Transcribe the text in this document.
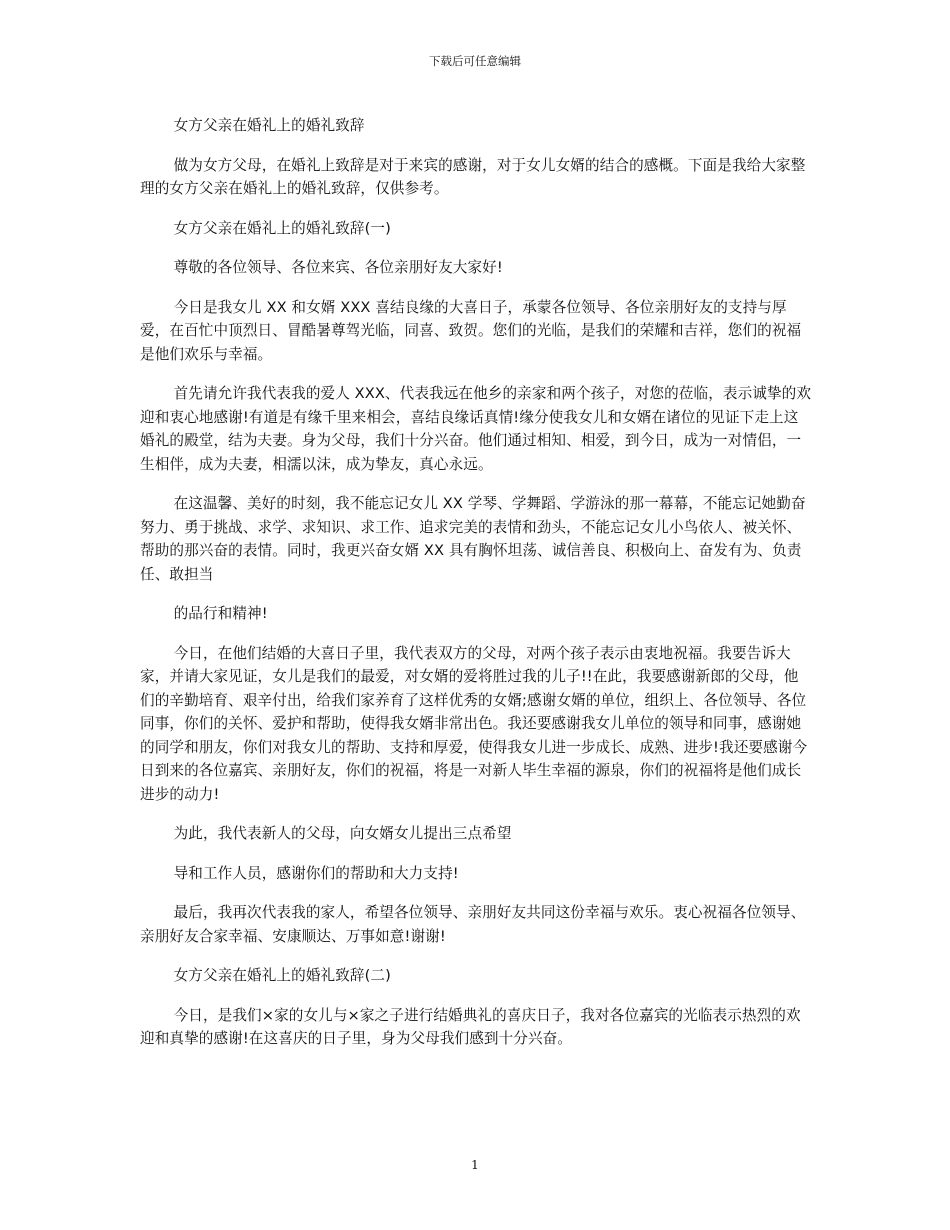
下载后可任意编辑

女方父亲在婚礼上的婚礼致辞

做为女方父母，在婚礼上致辞是对于来宾的感谢，对于女儿女婿的结合的感概。下面是我给大家整理的女方父亲在婚礼上的婚礼致辞，仅供参考。

女方父亲在婚礼上的婚礼致辞(一)

尊敬的各位领导、各位来宾、各位亲朋好友大家好!

今日是我女儿 XX 和女婿 XXX 喜结良缘的大喜日子，承蒙各位领导、各位亲朋好友的支持与厚爱，在百忙中顶烈日、冒酷暑尊驾光临，同喜、致贺。您们的光临，是我们的荣耀和吉祥，您们的祝福是他们欢乐与幸福。

首先请允许我代表我的爱人 XXX、代表我远在他乡的亲家和两个孩子，对您的莅临，表示诚挚的欢迎和衷心地感谢!有道是有缘千里来相会，喜结良缘话真情!缘分使我女儿和女婿在诸位的见证下走上这婚礼的殿堂，结为夫妻。身为父母，我们十分兴奋。他们通过相知、相爱，到今日，成为一对情侣，一生相伴，成为夫妻，相濡以沫，成为挚友，真心永远。

在这温馨、美好的时刻，我不能忘记女儿 XX 学琴、学舞蹈、学游泳的那一幕幕，不能忘记她勤奋努力、勇于挑战、求学、求知识、求工作、追求完美的表情和劲头，不能忘记女儿小鸟依人、被关怀、帮助的那兴奋的表情。同时，我更兴奋女婿 XX 具有胸怀坦荡、诚信善良、积极向上、奋发有为、负责任、敢担当

的品行和精神!

今日，在他们结婚的大喜日子里，我代表双方的父母，对两个孩子表示由衷地祝福。我要告诉大家，并请大家见证，女儿是我们的最爱，对女婿的爱将胜过我的儿子!!在此，我要感谢新郎的父母，他们的辛勤培育、艰辛付出，给我们家养育了这样优秀的女婿;感谢女婿的单位，组织上、各位领导、各位同事，你们的关怀、爱护和帮助，使得我女婿非常出色。我还要感谢我女儿单位的领导和同事，感谢她的同学和朋友，你们对我女儿的帮助、支持和厚爱，使得我女儿进一步成长、成熟、进步!我还要感谢今日到来的各位嘉宾、亲朋好友，你们的祝福，将是一对新人毕生幸福的源泉，你们的祝福将是他们成长进步的动力!

为此，我代表新人的父母，向女婿女儿提出三点希望

导和工作人员，感谢你们的帮助和大力支持!

最后，我再次代表我的家人，希望各位领导、亲朋好友共同这份幸福与欢乐。衷心祝福各位领导、亲朋好友合家幸福、安康顺达、万事如意!谢谢!

女方父亲在婚礼上的婚礼致辞(二)

今日，是我们×家的女儿与×家之子进行结婚典礼的喜庆日子，我对各位嘉宾的光临表示热烈的欢迎和真挚的感谢!在这喜庆的日子里，身为父母我们感到十分兴奋。

1
